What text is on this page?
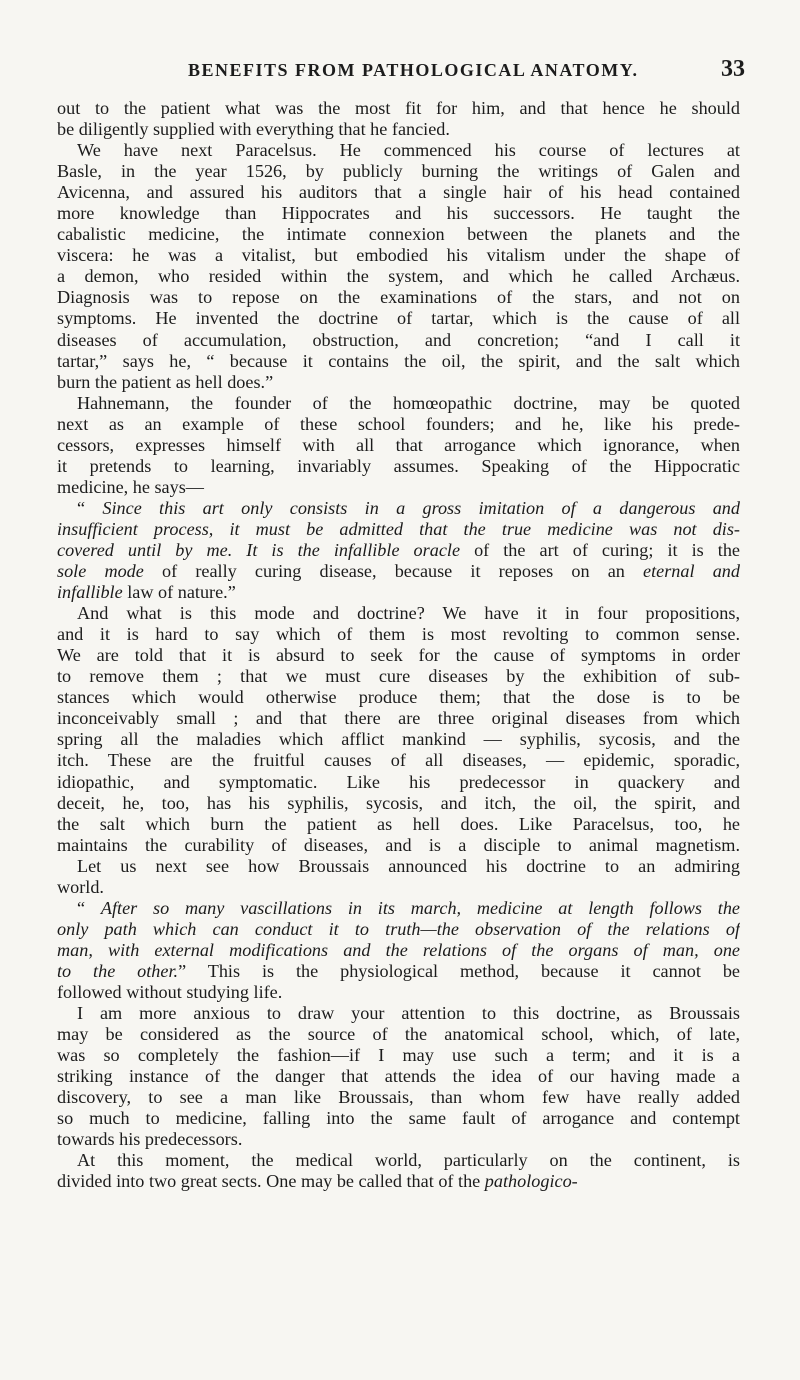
BENEFITS FROM PATHOLOGICAL ANATOMY.	33
out to the patient what was the most fit for him, and that hence he should
be diligently supplied with everything that he fancied.
We have next Paracelsus. He commenced his course of lectures at
Basle, in the year 1526, by publicly burning the writings of Galen and
Avicenna, and assured his auditors that a single hair of his head contained
more knowledge than Hippocrates and his successors. He taught the
cabalistic medicine, the intimate connexion between the planets and the
viscera: he was a vitalist, but embodied his vitalism under the shape of
a demon, who resided within the system, and which he called Archæus.
Diagnosis was to repose on the examinations of the stars, and not on
symptoms. He invented the doctrine of tartar, which is the cause of all
diseases of accumulation, obstruction, and concretion; “and I call it
tartar,” says he, “ because it contains the oil, the spirit, and the salt which
burn the patient as hell does.”
Hahnemann, the founder of the homœopathic doctrine, may be quoted
next as an example of these school founders; and he, like his prede-
cessors, expresses himself with all that arrogance which ignorance, when
it pretends to learning, invariably assumes. Speaking of the Hippocratic
medicine, he says—
“ Since this art only consists in a gross imitation of a dangerous and
insufficient process, it must be admitted that the true medicine was not dis-
covered until by me. It is the infallible oracle of the art of curing; it is the
sole mode of really curing disease, because it reposes on an eternal and
infallible law of nature.”
And what is this mode and doctrine? We have it in four propositions,
and it is hard to say which of them is most revolting to common sense.
We are told that it is absurd to seek for the cause of symptoms in order
to remove them ; that we must cure diseases by the exhibition of sub-
stances which would otherwise produce them; that the dose is to be
inconceivably small ; and that there are three original diseases from which
spring all the maladies which afflict mankind — syphilis, sycosis, and the
itch. These are the fruitful causes of all diseases, — epidemic, sporadic,
idiopathic, and symptomatic. Like his predecessor in quackery and
deceit, he, too, has his syphilis, sycosis, and itch, the oil, the spirit, and
the salt which burn the patient as hell does. Like Paracelsus, too, he
maintains the curability of diseases, and is a disciple to animal magnetism.
Let us next see how Broussais announced his doctrine to an admiring
world.
“ After so many vascillations in its march, medicine at length follows the
only path which can conduct it to truth—the observation of the relations of
man, with external modifications and the relations of the organs of man, one
to the other.” This is the physiological method, because it cannot be
followed without studying life.
I am more anxious to draw your attention to this doctrine, as Broussais
may be considered as the source of the anatomical school, which, of late,
was so completely the fashion—if I may use such a term; and it is a
striking instance of the danger that attends the idea of our having made a
discovery, to see a man like Broussais, than whom few have really added
so much to medicine, falling into the same fault of arrogance and contempt
towards his predecessors.
At this moment, the medical world, particularly on the continent, is
divided into two great sects. One may be called that of the pathologico-
